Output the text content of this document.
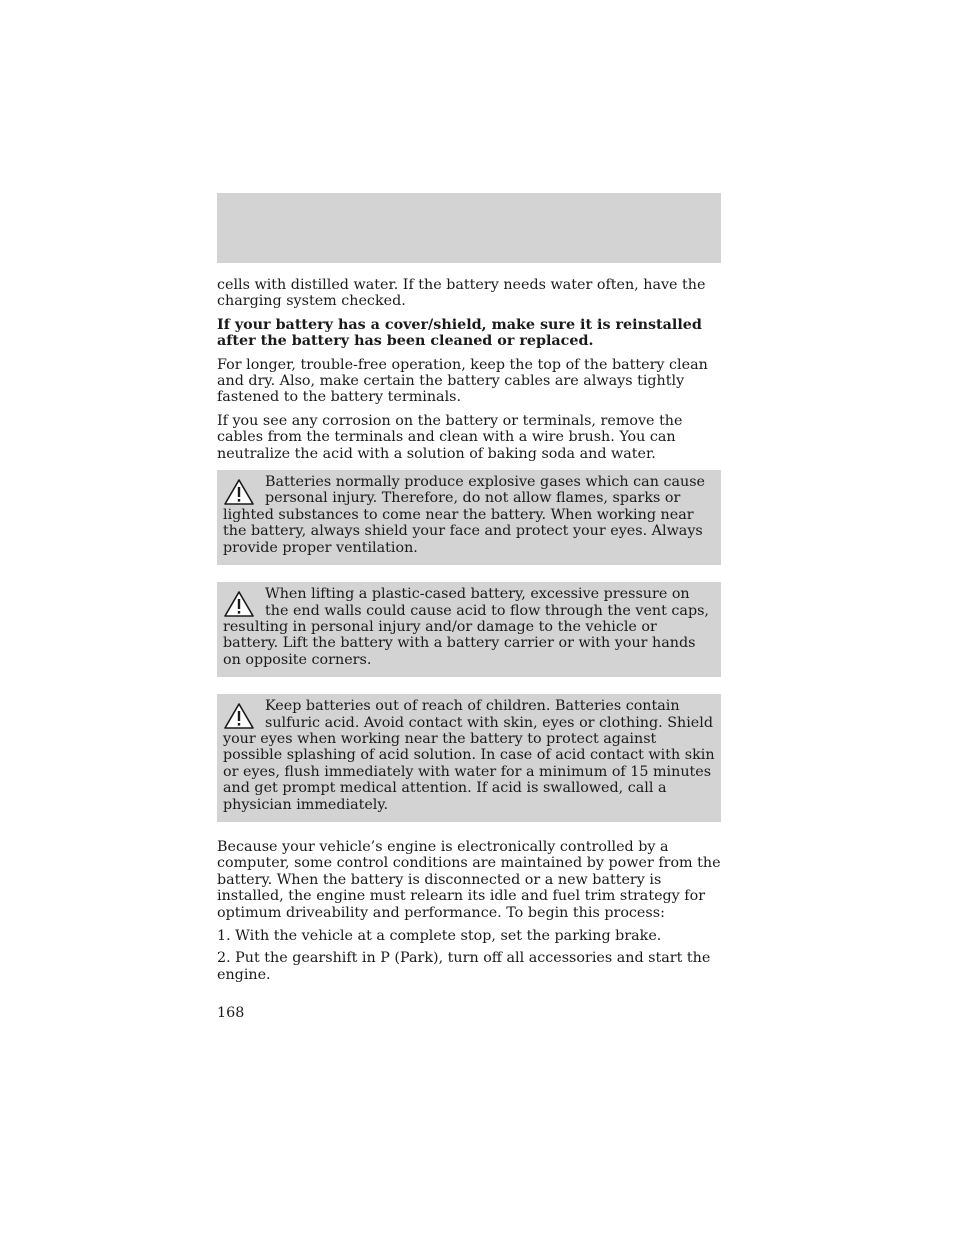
cells with distilled water. If the battery needs water often, have the charging system checked.

If your battery has a cover/shield, make sure it is reinstalled after the battery has been cleaned or replaced.

For longer, trouble-free operation, keep the top of the battery clean and dry. Also, make certain the battery cables are always tightly fastened to the battery terminals.

If you see any corrosion on the battery or terminals, remove the cables from the terminals and clean with a wire brush. You can neutralize the acid with a solution of baking soda and water.

Batteries normally produce explosive gases which can cause personal injury. Therefore, do not allow flames, sparks or lighted substances to come near the battery. When working near the battery, always shield your face and protect your eyes. Always provide proper ventilation.

When lifting a plastic-cased battery, excessive pressure on the end walls could cause acid to flow through the vent caps, resulting in personal injury and/or damage to the vehicle or battery. Lift the battery with a battery carrier or with your hands on opposite corners.

Keep batteries out of reach of children. Batteries contain sulfuric acid. Avoid contact with skin, eyes or clothing. Shield your eyes when working near the battery to protect against possible splashing of acid solution. In case of acid contact with skin or eyes, flush immediately with water for a minimum of 15 minutes and get prompt medical attention. If acid is swallowed, call a physician immediately.

Because your vehicle’s engine is electronically controlled by a computer, some control conditions are maintained by power from the battery. When the battery is disconnected or a new battery is installed, the engine must relearn its idle and fuel trim strategy for optimum driveability and performance. To begin this process:

1. With the vehicle at a complete stop, set the parking brake.

2. Put the gearshift in P (Park), turn off all accessories and start the engine.

168
